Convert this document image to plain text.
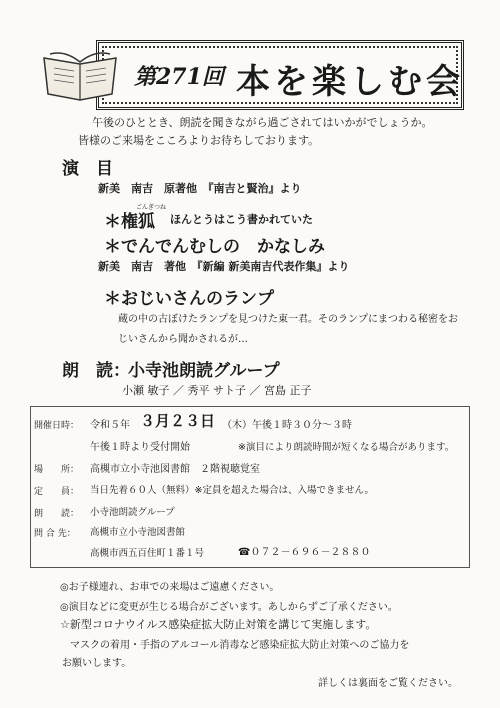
第271回 本を楽しむ会
午後のひととき、朗読を聞きながら過ごされてはいかがでしょうか。
皆様のご来場をこころよりお待ちしております。
演　目
新美　南吉　原著他　『南吉と賢治』より
ごんぎつね
＊権狐 ほんとうはこう書かれていた
＊でんでんむしの　かなしみ
新美　南吉　著他　『新編 新美南吉代表作集』より
＊おじいさんのランプ
蔵の中の古ぼけたランプを見つけた東一君。そのランプにまつわる秘密をお
じいさんから聞かされるが…
朗　読：
小寺池朗読グループ
小瀬 敏子 ／ 秀平 サト子 ／ 宮島 正子
開催日時： 令和５年 ３月２３日 （木）午後１時３０分～３時
午後１時より受付開始	※演目により朗読時間が短くなる場合があります。
場　　所： 高槻市立小寺池図書館　２階視聴覚室
定　　員： 当日先着６０人（無料）※定員を超えた場合は、入場できません。
朗　　読： 小寺池朗読グループ
問 合 先： 高槻市立小寺池図書館
高槻市西五百住町１番１号	☎０７２－６９６－２８８０
◎お子様連れ、お車での来場はご遠慮ください。
◎演目などに変更が生じる場合がございます。あしからずご了承ください。
☆新型コロナウイルス感染症拡大防止対策を講じて実施します。
マスクの着用・手指のアルコール消毒など感染症拡大防止対策へのご協力を
お願いします。
詳しくは裏面をご覧ください。
